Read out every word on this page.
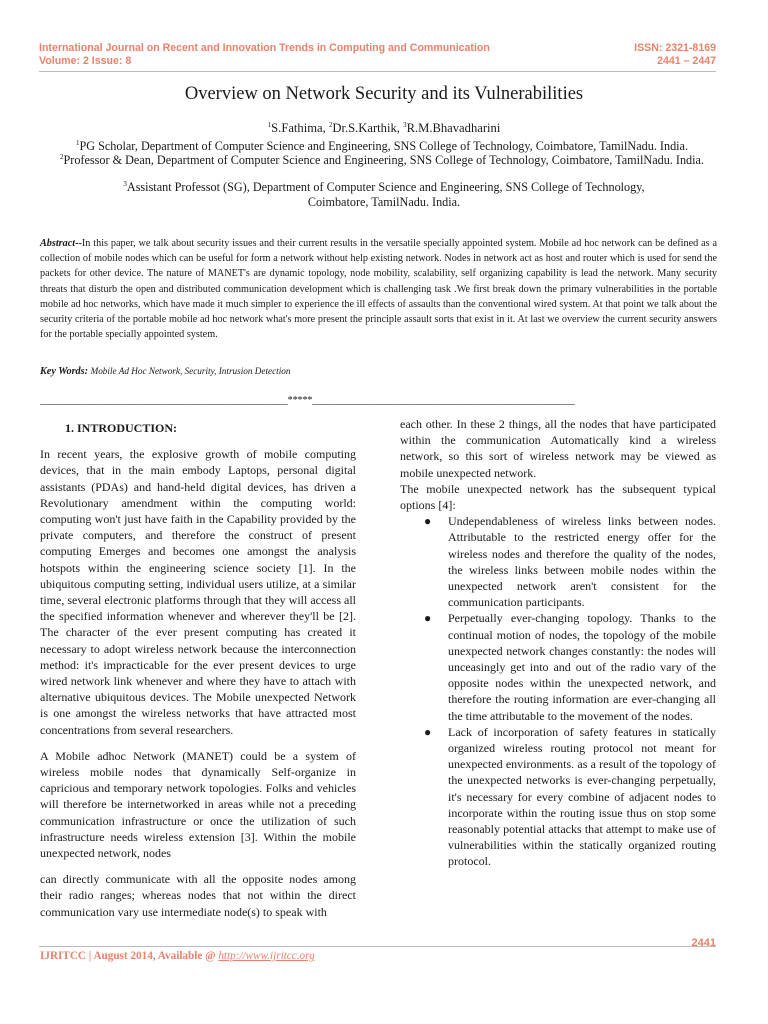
International Journal on Recent and Innovation Trends in Computing and Communication
Volume: 2 Issue: 8
ISSN: 2321-8169
2441 – 2447
Overview on Network Security and its Vulnerabilities
$^1$S.Fathima, $^2$Dr.S.Karthik, $^3$R.M.Bhavadharini
$^1$PG Scholar, Department of Computer Science and Engineering, SNS College of Technology, Coimbatore, TamilNadu. India.
$^2$Professor & Dean, Department of Computer Science and Engineering, SNS College of Technology, Coimbatore, TamilNadu. India.
$^3$Assistant Professot (SG), Department of Computer Science and Engineering, SNS College of Technology, Coimbatore, TamilNadu. India.
Abstract--In this paper, we talk about security issues and their current results in the versatile specially appointed system. Mobile ad hoc network can be defined as a collection of mobile nodes which can be useful for form a network without help existing network. Nodes in network act as host and router which is used for send the packets for other device. The nature of MANET's are dynamic topology, node mobility, scalability, self organizing capability is lead the network. Many security threats that disturb the open and distributed communication development which is challenging task .We first break down the primary vulnerabilities in the portable mobile ad hoc networks, which have made it much simpler to experience the ill effects of assaults than the conventional wired system. At that point we talk about the security criteria of the portable mobile ad hoc network what's more present the principle assault sorts that exist in it. At last we overview the current security answers for the portable specially appointed system.
Key Words: Mobile Ad Hoc Network, Security, Intrusion Detection
__________________________________________________*****_____________________________________________________

1. INTRODUCTION:

In recent years, the explosive growth of mobile computing devices, that in the main embody Laptops, personal digital assistants (PDAs) and hand-held digital devices, has driven a Revolutionary amendment within the computing world: computing won't just have faith in the Capability provided by the private computers, and therefore the construct of present computing Emerges and becomes one amongst the analysis hotspots within the engineering science society [1]. In the ubiquitous computing setting, individual users utilize, at a similar time, several electronic platforms through that they will access all the specified information whenever and wherever they'll be [2]. The character of the ever present computing has created it necessary to adopt wireless network because the interconnection method: it's impracticable for the ever present devices to urge wired network link whenever and where they have to attach with alternative ubiquitous devices. The Mobile unexpected Network is one amongst the wireless networks that have attracted most concentrations from several researchers.

A Mobile adhoc Network (MANET) could be a system of wireless mobile nodes that dynamically Self-organize in capricious and temporary network topologies. Folks and vehicles will therefore be internetworked in areas while not a preceding communication infrastructure or once the utilization of such infrastructure needs wireless extension [3]. Within the mobile unexpected network, nodes

can directly communicate with all the opposite nodes among their radio ranges; whereas nodes that not within the direct communication vary use intermediate node(s) to speak with

each other. In these 2 things, all the nodes that have participated within the communication Automatically kind a wireless network, so this sort of wireless network may be viewed as mobile unexpected network.

The mobile unexpected network has the subsequent typical options [4]:

● Undependableness of wireless links between nodes. Attributable to the restricted energy offer for the wireless nodes and therefore the quality of the nodes, the wireless links between mobile nodes within the unexpected network aren't consistent for the communication participants.

● Perpetually ever-changing topology. Thanks to the continual motion of nodes, the topology of the mobile unexpected network changes constantly: the nodes will unceasingly get into and out of the radio vary of the opposite nodes within the unexpected network, and therefore the routing information are ever-changing all the time attributable to the movement of the nodes.

● Lack of incorporation of safety features in statically organized wireless routing protocol not meant for unexpected environments. as a result of the topology of the unexpected networks is ever-changing perpetually, it's necessary for every combine of adjacent nodes to incorporate within the routing issue thus on stop some reasonably potential attacks that attempt to make use of vulnerabilities within the statically organized routing protocol.

2441
IJRITCC | August 2014, Available @ http://www.ijritcc.org
